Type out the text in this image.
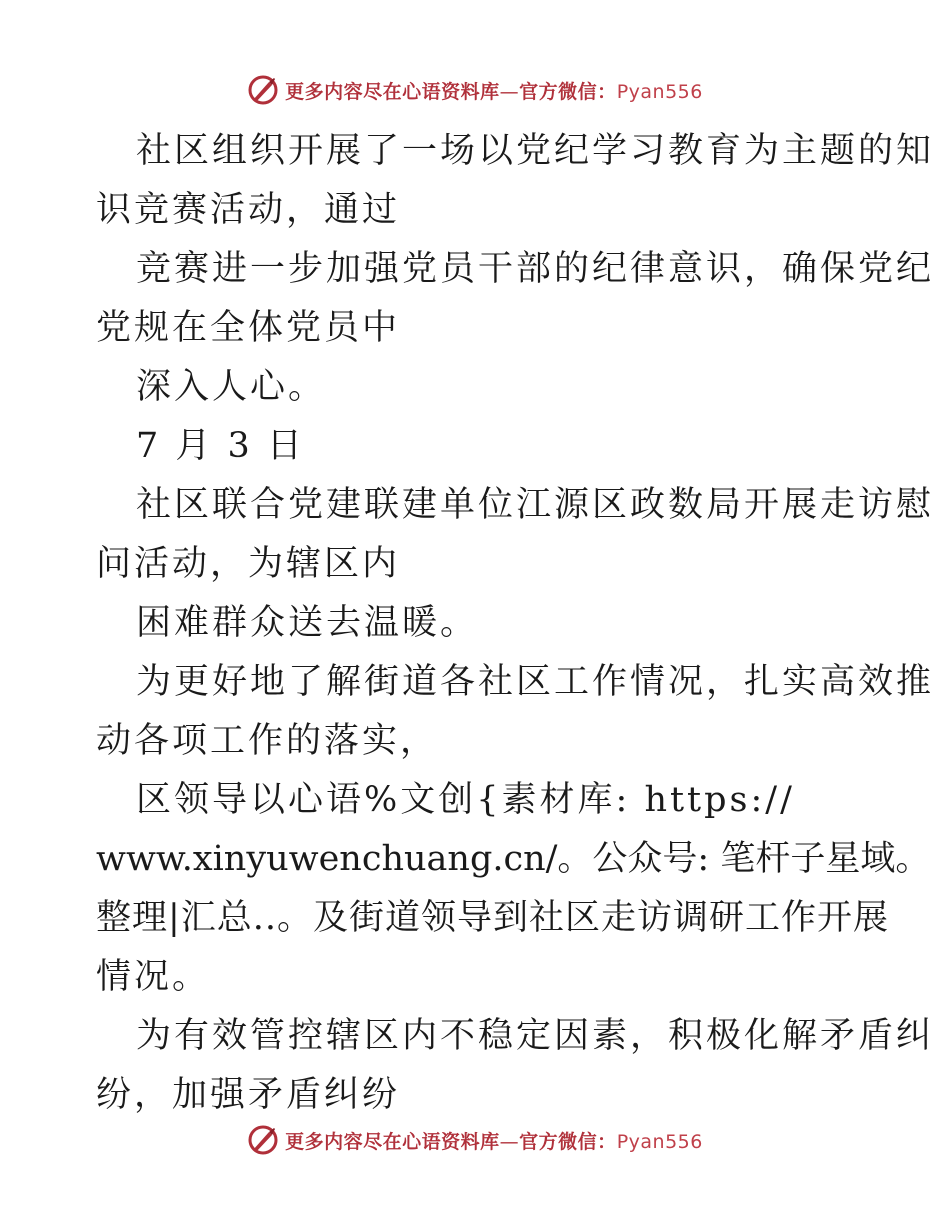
更多内容尽在心语资料库—官方微信：Pyan556

社区组织开展了一场以党纪学习教育为主题的知

识竞赛活动，通过

竞赛进一步加强党员干部的纪律意识，确保党纪

党规在全体党员中

深入人心。

7 月 3 日

社区联合党建联建单位江源区政数局开展走访慰

问活动，为辖区内

困难群众送去温暖。

为更好地了解街道各社区工作情况，扎实高效推

动各项工作的落实，

区领导以心语%文创{素材库: https://

www.xinyuwenchuang.cn/。公众号: 笔杆子星域。

整理|汇总..。及街道领导到社区走访调研工作开展

情况。

为有效管控辖区内不稳定因素，积极化解矛盾纠

纷，加强矛盾纠纷

更多内容尽在心语资料库—官方微信：Pyan556
